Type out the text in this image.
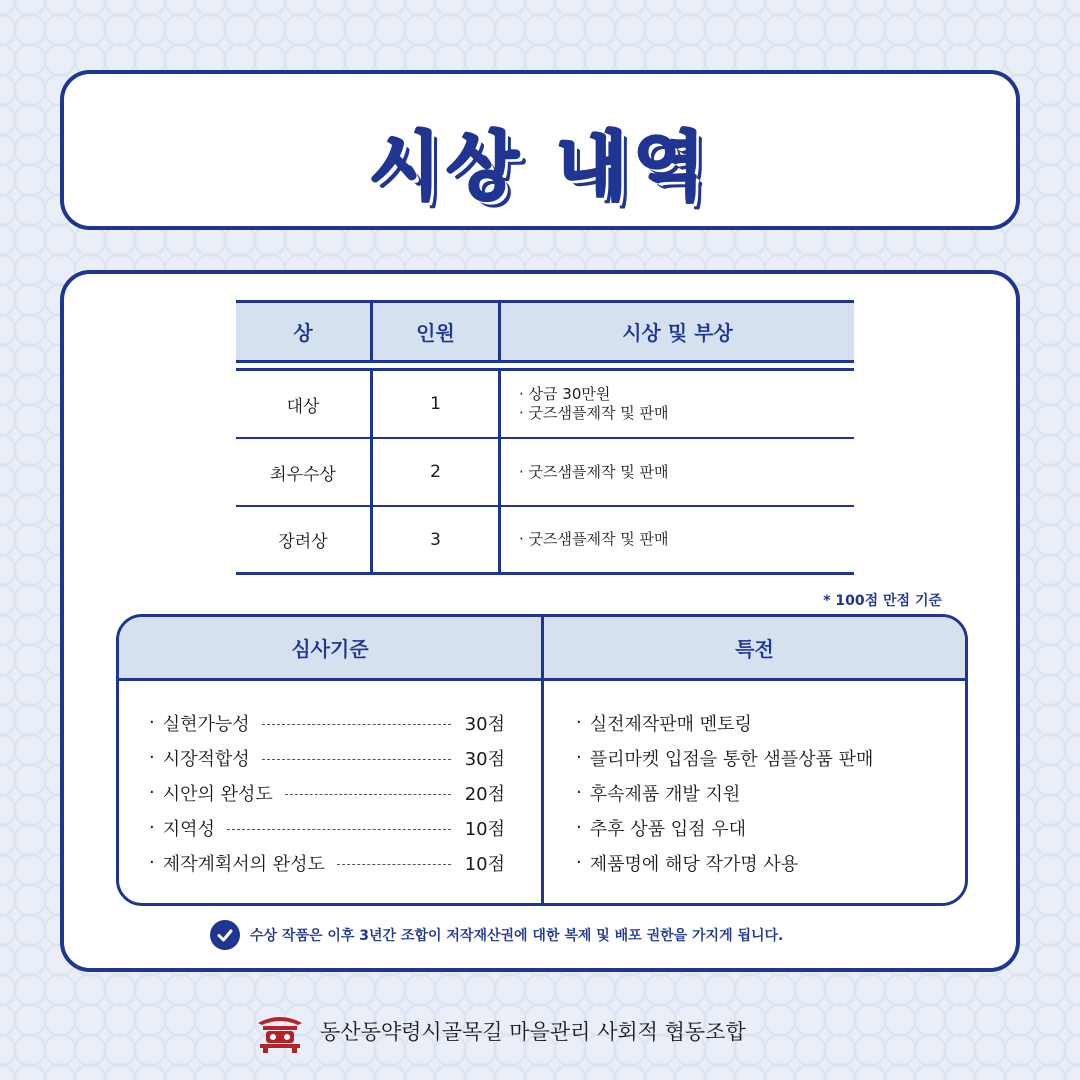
시상 내역
상	인원	시상 및 부상
대상	1	· 상금 30만원
· 굿즈샘플제작 및 판매
최우수상	2	· 굿즈샘플제작 및 판매
장려상	3	· 굿즈샘플제작 및 판매
* 100점 만점 기준
심사기준
· 실현가능성	30점
· 시장적합성	30점
· 시안의 완성도	20점
· 지역성	10점
· 제작계획서의 완성도	10점
특전
· 실전제작판매 멘토링
· 플리마켓 입점을 통한 샘플상품 판매
· 후속제품 개발 지원
· 추후 상품 입점 우대
· 제품명에 해당 작가명 사용
수상 작품은 이후 3년간 조합이 저작재산권에 대한 복제 및 배포 권한을 가지게 됩니다.
동산동약령시골목길 마을관리 사회적 협동조합
